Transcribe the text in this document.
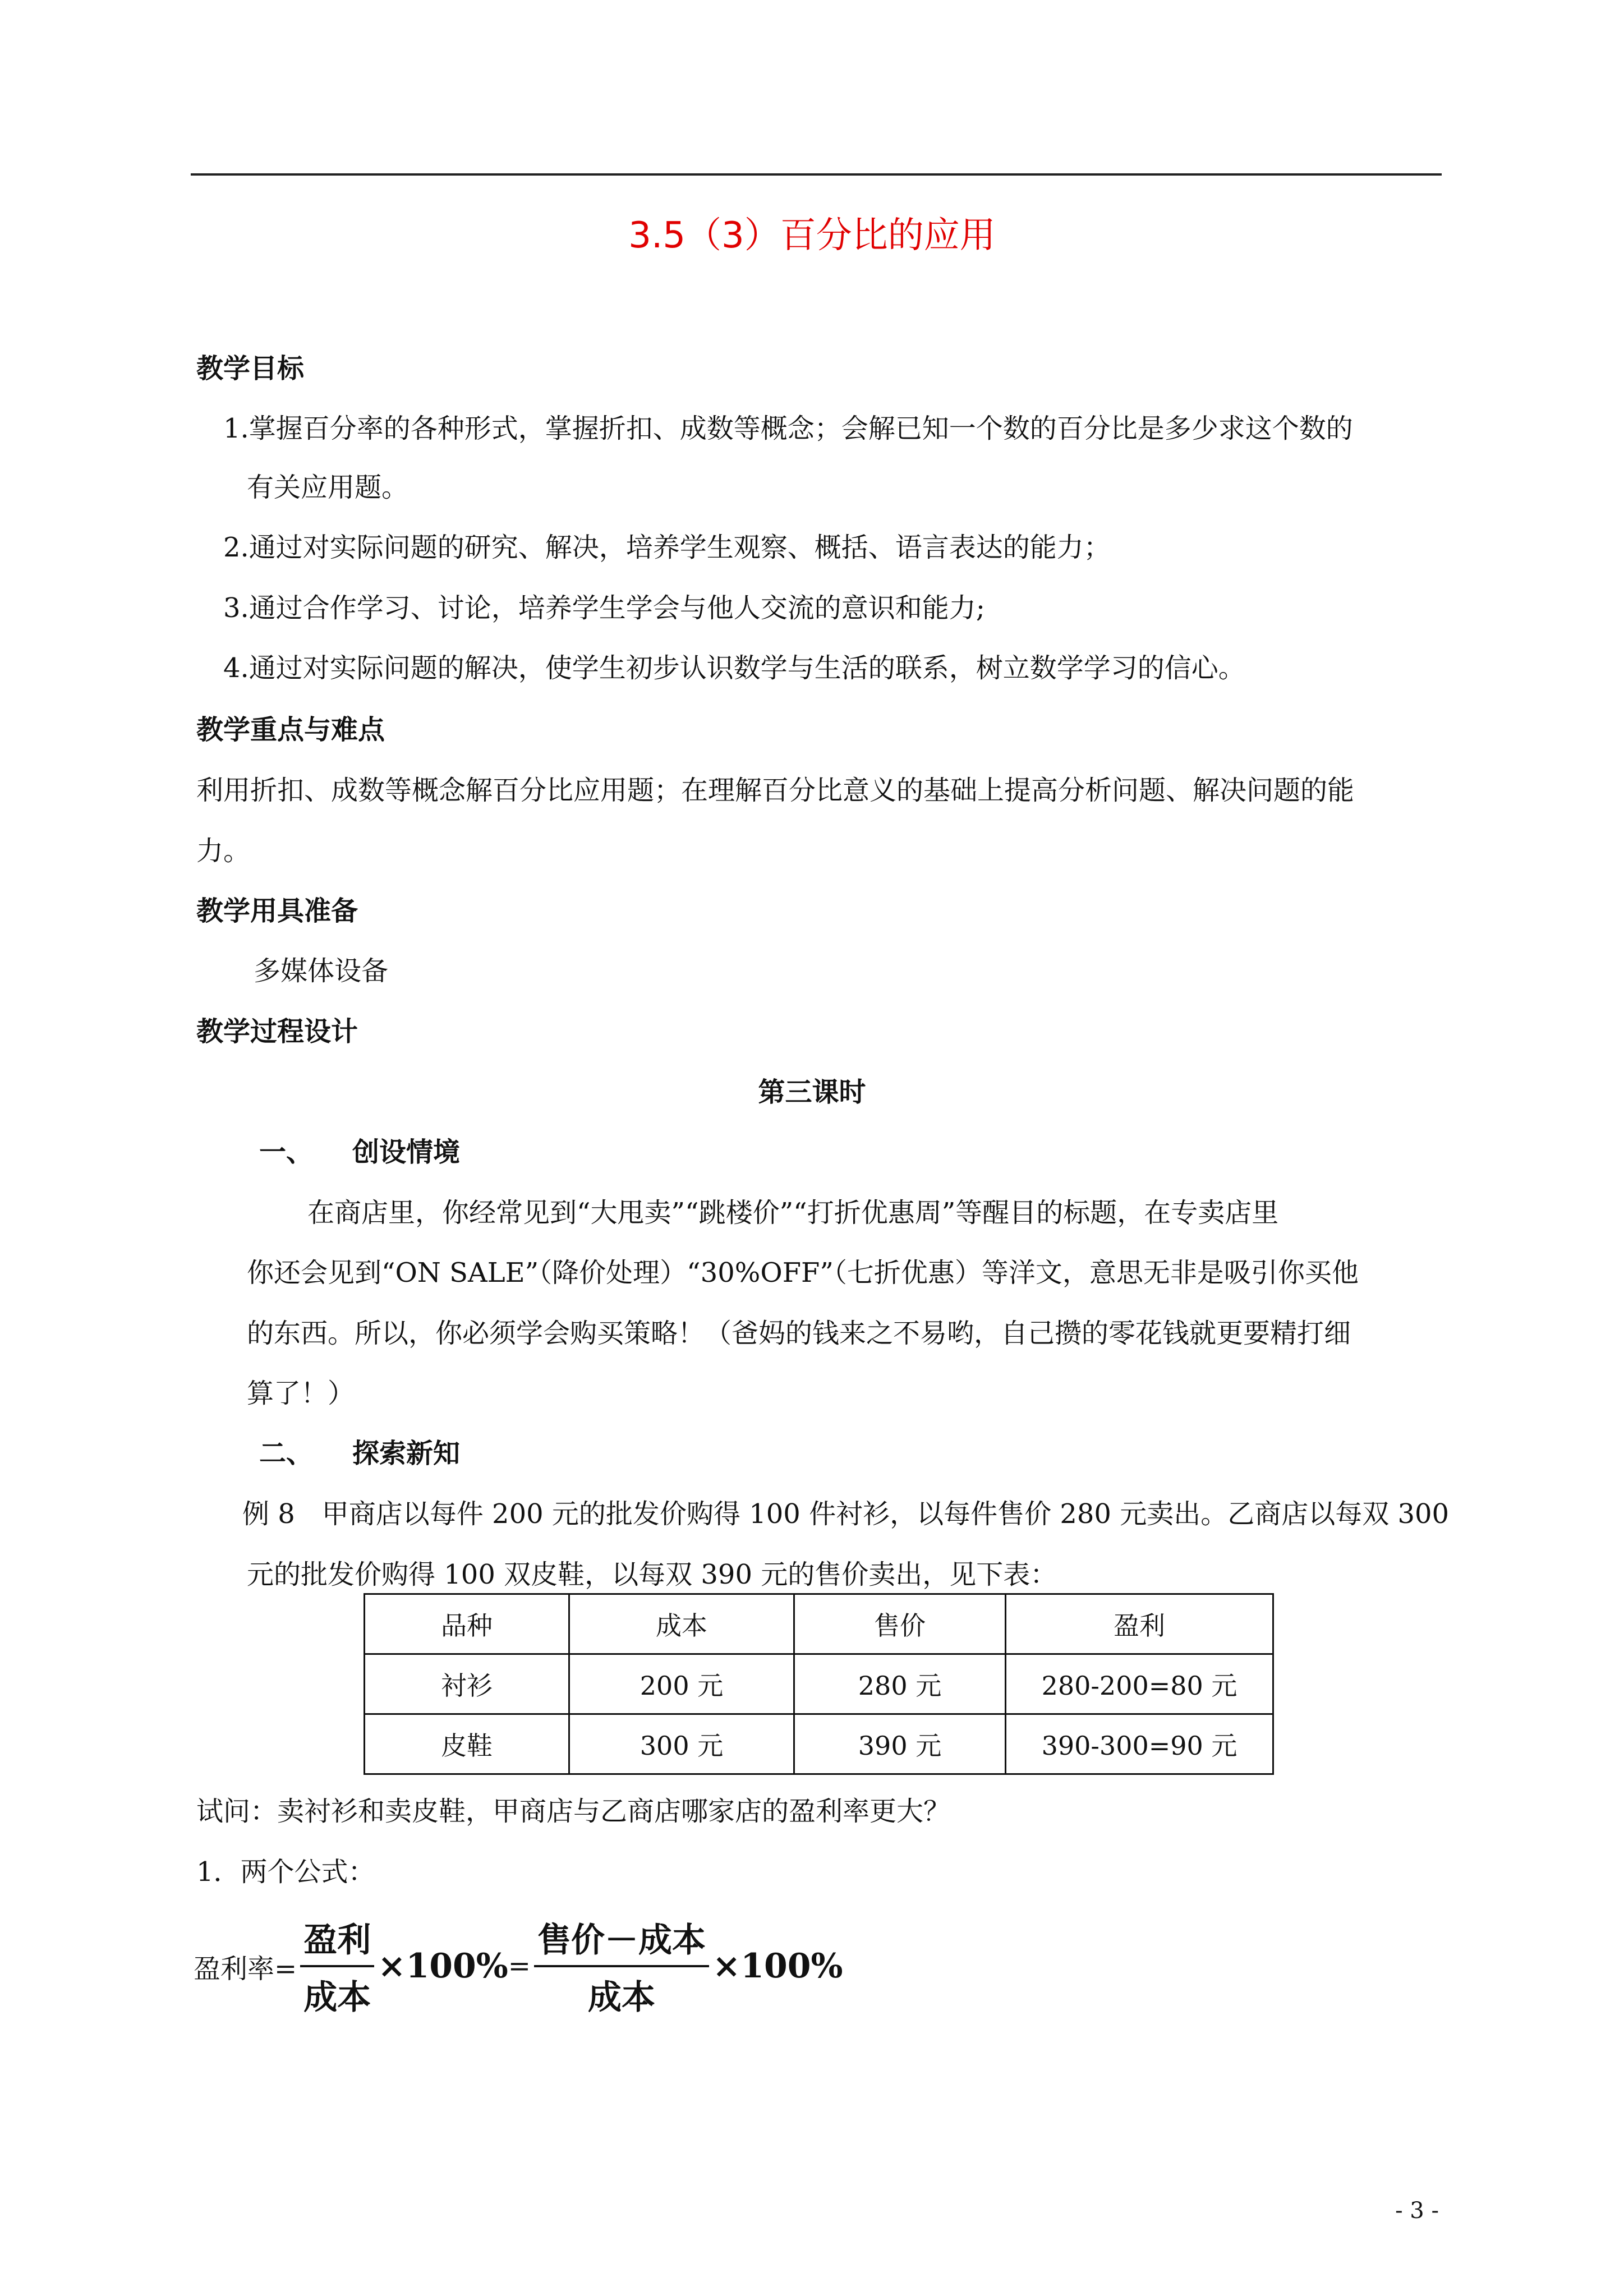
3.5（3）百分比的应用
教学目标
1.掌握百分率的各种形式，掌握折扣、成数等概念；会解已知一个数的百分比是多少求这个数的
有关应用题。
2.通过对实际问题的研究、解决，培养学生观察、概括、语言表达的能力；
3.通过合作学习、讨论，培养学生学会与他人交流的意识和能力;
4.通过对实际问题的解决，使学生初步认识数学与生活的联系，树立数学学习的信心。
教学重点与难点
利用折扣、成数等概念解百分比应用题；在理解百分比意义的基础上提高分析问题、解决问题的能
力。
教学用具准备
多媒体设备
教学过程设计
第三课时
一、 创设情境
在商店里，你经常见到“大甩卖”“跳楼价”“打折优惠周”等醒目的标题，在专卖店里
你还会见到“ON SALE”（降价处理）“30%OFF”（七折优惠）等洋文，意思无非是吸引你买他
的东西。所以，你必须学会购买策略！（爸妈的钱来之不易哟，自己攒的零花钱就更要精打细
算了！）
二、 探索新知
例 8　甲商店以每件 200 元的批发价购得 100 件衬衫，以每件售价 280 元卖出。乙商店以每双 300
元的批发价购得 100 双皮鞋，以每双 390 元的售价卖出，见下表：
品种	成本	售价	盈利
衬衫	200 元	280 元	280-200=80 元
皮鞋	300 元	390 元	390-300=90 元
试问：卖衬衫和卖皮鞋，甲商店与乙商店哪家店的盈利率更大？
1．两个公式：
盈利率= $\frac{\text{盈利}}{\text{成本}} \times 100\% = \frac{\text{售价－成本}}{\text{成本}} \times 100\%$
- 3 -
